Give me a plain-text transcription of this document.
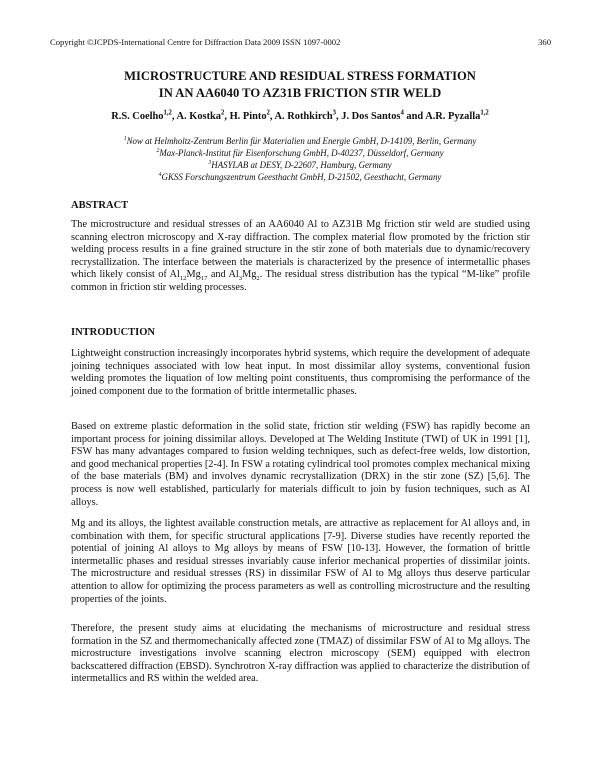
Copyright ©JCPDS-International Centre for Diffraction Data 2009 ISSN 1097-0002	360
MICROSTRUCTURE AND RESIDUAL STRESS FORMATION
IN AN AA6040 TO AZ31B FRICTION STIR WELD
R.S. Coelho$^{1,2}$, A. Kostka$^2$, H. Pinto$^2$, A. Rothkirch$^3$, J. Dos Santos$^4$ and A.R. Pyzalla$^{1,2}$
$^1$Now at Helmholtz-Zentrum Berlin für Materialien und Energie GmbH, D-14109, Berlin, Germany
$^2$Max-Planck-Institut für Eisenforschung GmbH, D-40237, Düsseldorf, Germany
$^3$HASYLAB at DESY, D-22607, Hamburg, Germany
$^4$GKSS Forschungszentrum Geesthacht GmbH, D-21502, Geesthacht, Germany
ABSTRACT

The microstructure and residual stresses of an AA6040 Al to AZ31B Mg friction stir weld are studied using scanning electron microscopy and X-ray diffraction. The complex material flow promoted by the friction stir welding process results in a fine grained structure in the stir zone of both materials due to dynamic/recovery recrystallization. The interface between the materials is characterized by the presence of intermetallic phases which likely consist of $Al_{12}Mg_{17}$ and $Al_3Mg_2$. The residual stress distribution has the typical “M-like” profile common in friction stir welding processes.

INTRODUCTION

Lightweight construction increasingly incorporates hybrid systems, which require the development of adequate joining techniques associated with low heat input. In most dissimilar alloy systems, conventional fusion welding promotes the liquation of low melting point constituents, thus compromising the performance of the joined component due to the formation of brittle intermetallic phases.

Based on extreme plastic deformation in the solid state, friction stir welding (FSW) has rapidly become an important process for joining dissimilar alloys. Developed at The Welding Institute (TWI) of UK in 1991 [1], FSW has many advantages compared to fusion welding techniques, such as defect-free welds, low distortion, and good mechanical properties [2-4]. In FSW a rotating cylindrical tool promotes complex mechanical mixing of the base materials (BM) and involves dynamic recrystallization (DRX) in the stir zone (SZ) [5,6]. The process is now well established, particularly for materials difficult to join by fusion techniques, such as Al alloys.

Mg and its alloys, the lightest available construction metals, are attractive as replacement for Al alloys and, in combination with them, for specific structural applications [7-9]. Diverse studies have recently reported the potential of joining Al alloys to Mg alloys by means of FSW [10-13]. However, the formation of brittle intermetallic phases and residual stresses invariably cause inferior mechanical properties of dissimilar joints. The microstructure and residual stresses (RS) in dissimilar FSW of Al to Mg alloys thus deserve particular attention to allow for optimizing the process parameters as well as controlling microstructure and the resulting properties of the joints.

Therefore, the present study aims at elucidating the mechanisms of microstructure and residual stress formation in the SZ and thermomechanically affected zone (TMAZ) of dissimilar FSW of Al to Mg alloys. The microstructure investigations involve scanning electron microscopy (SEM) equipped with electron backscattered diffraction (EBSD). Synchrotron X-ray diffraction was applied to characterize the distribution of intermetallics and RS within the welded area.
